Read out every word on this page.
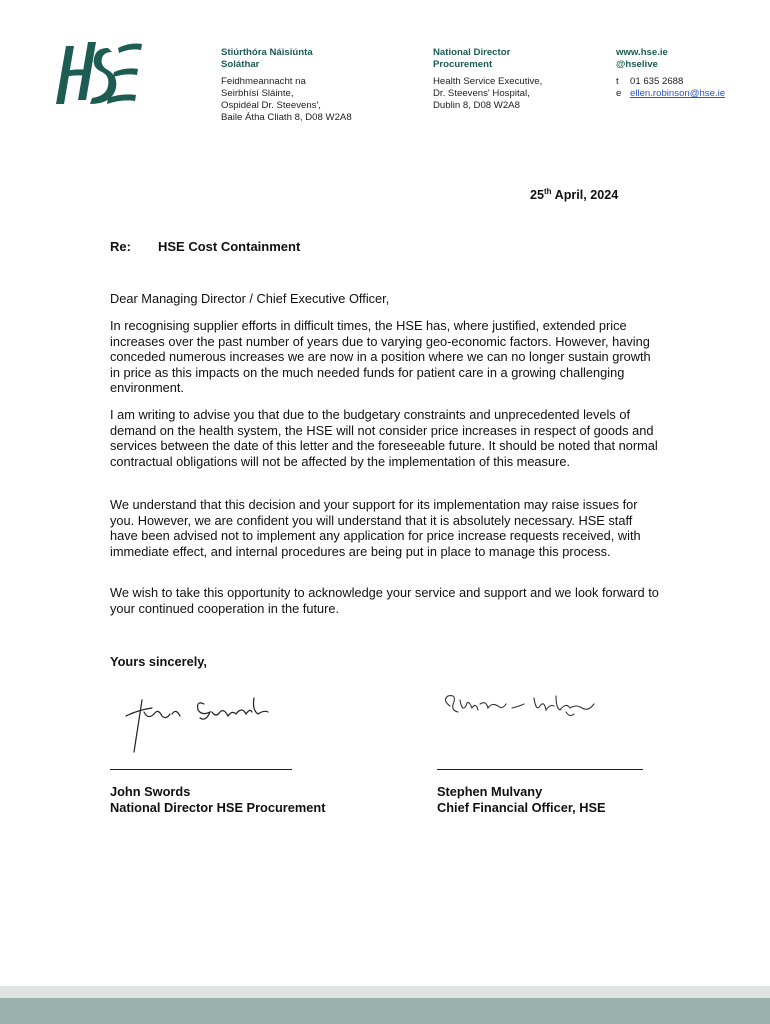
Stiúrthóra Náisiúnta
Soláthar
Feidhmeannacht na
Seirbhísí Sláinte,
Ospidéal Dr. Steevens',
Baile Átha Cliath 8, D08 W2A8
National Director
Procurement
Health Service Executive,
Dr. Steevens' Hospital,
Dublin 8, D08 W2A8
www.hse.ie
@hselive
t 01 635 2688
e ellen.robinson@hse.ie
25th April, 2024
Re: HSE Cost Containment
Dear Managing Director / Chief Executive Officer,
In recognising supplier efforts in difficult times, the HSE has, where justified, extended price increases over the past number of years due to varying geo-economic factors. However, having conceded numerous increases we are now in a position where we can no longer sustain growth in price as this impacts on the much needed funds for patient care in a growing challenging environment.
I am writing to advise you that due to the budgetary constraints and unprecedented levels of demand on the health system, the HSE will not consider price increases in respect of goods and services between the date of this letter and the foreseeable future. It should be noted that normal contractual obligations will not be affected by the implementation of this measure.
We understand that this decision and your support for its implementation may raise issues for you. However, we are confident you will understand that it is absolutely necessary. HSE staff have been advised not to implement any application for price increase requests received, with immediate effect, and internal procedures are being put in place to manage this process.
We wish to take this opportunity to acknowledge your service and support and we look forward to your continued cooperation in the future.
Yours sincerely,
John Swords
National Director HSE Procurement
Stephen Mulvany
Chief Financial Officer, HSE
